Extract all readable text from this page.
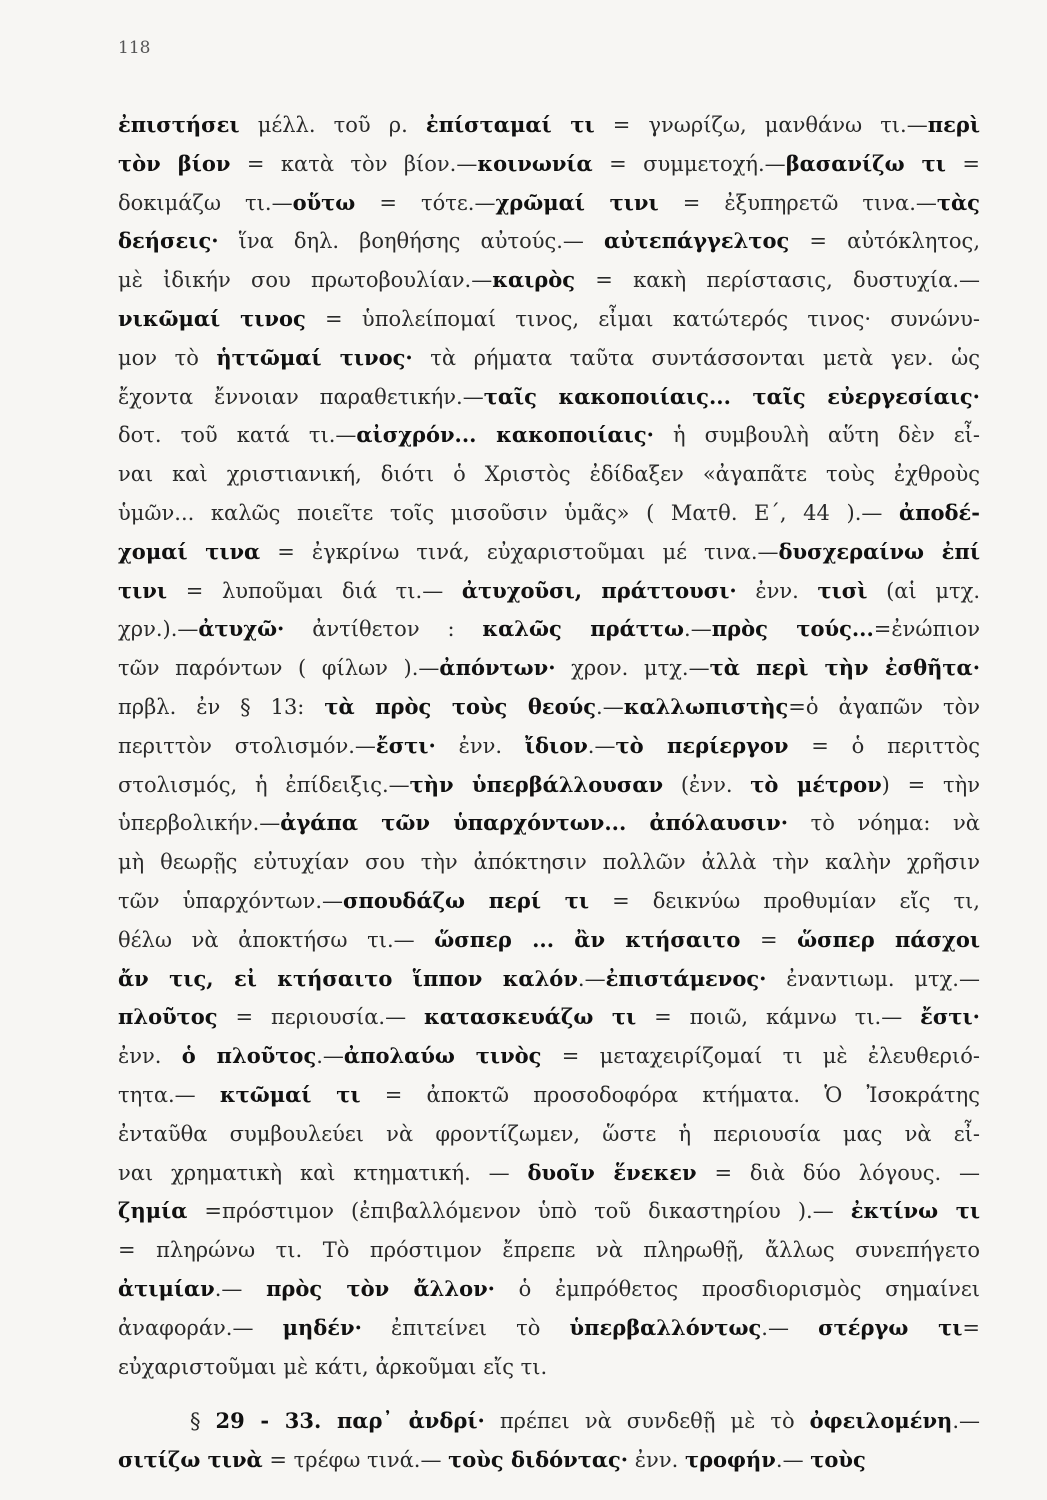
118
ἐπιστήσει μέλλ. τοῦ ρ. ἐπίσταμαί τι = γνωρίζω, μανθάνω τι.—περὶ
τὸν βίον = κατὰ τὸν βίον.—κοινωνία = συμμετοχή.—βασανίζω τι =
δοκιμάζω τι.—οὕτω = τότε.—χρῶμαί τινι = ἐξυπηρετῶ τινα.—τὰς
δεήσεις· ἵνα δηλ. βοηθήσης αὐτούς.— αὐτεπάγγελτος = αὐτόκλητος,
μὲ ἰδικήν σου πρωτοβουλίαν.—καιρὸς = κακὴ περίστασις, δυστυχία.—
νικῶμαί τινος = ὑπολείπομαί τινος, εἶμαι κατώτερός τινος· συνώνυ-
μον τὸ ἡττῶμαί τινος· τὰ ρήματα ταῦτα συντάσσονται μετὰ γεν. ὡς
ἔχοντα ἔννοιαν παραθετικήν.—ταῖς κακοποιίαις... ταῖς εὐεργεσίαις·
δοτ. τοῦ κατά τι.—αἰσχρόν... κακοποιίαις· ἡ συμβουλὴ αὕτη δὲν εἶ-
ναι καὶ χριστιανική, διότι ὁ Χριστὸς ἐδίδαξεν «ἀγαπᾶτε τοὺς ἐχθροὺς
ὑμῶν... καλῶς ποιεῖτε τοῖς μισοῦσιν ὑμᾶς» ( Ματθ. Ε΄, 44 ).— ἀποδέ-
χομαί τινα = ἐγκρίνω τινά, εὐχαριστοῦμαι μέ τινα.—δυσχεραίνω ἐπί
τινι = λυποῦμαι διά τι.— ἀτυχοῦσι, πράττουσι· ἐνν. τισὶ (αἱ μτχ.
χρν.).—ἀτυχῶ· ἀντίθετον : καλῶς πράττω.—πρὸς τούς...=ἐνώπιον
τῶν παρόντων ( φίλων ).—ἀπόντων· χρον. μτχ.—τὰ περὶ τὴν ἐσθῆτα·
πρβλ. ἐν § 13: τὰ πρὸς τοὺς θεούς.—καλλωπιστὴς=ὁ ἀγαπῶν τὸν
περιττὸν στολισμόν.—ἔστι· ἐνν. ἴδιον.—τὸ περίεργον = ὁ περιττὸς
στολισμός, ἡ ἐπίδειξις.—τὴν ὑπερβάλλουσαν (ἐνν. τὸ μέτρον) = τὴν
ὑπερβολικήν.—ἀγάπα τῶν ὑπαρχόντων... ἀπόλαυσιν· τὸ νόημα: νὰ
μὴ θεωρῇς εὐτυχίαν σου τὴν ἀπόκτησιν πολλῶν ἀλλὰ τὴν καλὴν χρῆσιν
τῶν ὑπαρχόντων.—σπουδάζω περί τι = δεικνύω προθυμίαν εἴς τι,
θέλω νὰ ἀποκτήσω τι.— ὥσπερ ... ἂν κτήσαιτο = ὥσπερ πάσχοι
ἄν τις, εἰ κτήσαιτο ἵππον καλόν.—ἐπιστάμενος· ἐναντιωμ. μτχ.—
πλοῦτος = περιουσία.— κατασκευάζω τι = ποιῶ, κάμνω τι.— ἔστι·
ἐνν. ὁ πλοῦτος.—ἀπολαύω τινὸς = μεταχειρίζομαί τι μὲ ἐλευθεριό-
τητα.— κτῶμαί τι = ἀποκτῶ προσοδοφόρα κτήματα. Ὁ Ἰσοκράτης
ἐνταῦθα συμβουλεύει νὰ φροντίζωμεν, ὥστε ἡ περιουσία μας νὰ εἶ-
ναι χρηματικὴ καὶ κτηματική. — δυοῖν ἕνεκεν = διὰ δύο λόγους. —
ζημία =πρόστιμον (ἐπιβαλλόμενον ὑπὸ τοῦ δικαστηρίου ).— ἐκτίνω τι
= πληρώνω τι. Τὸ πρόστιμον ἔπρεπε νὰ πληρωθῇ, ἄλλως συνεπήγετο
ἀτιμίαν.— πρὸς τὸν ἄλλον· ὁ ἐμπρόθετος προσδιορισμὸς σημαίνει
ἀναφοράν.— μηδέν· ἐπιτείνει τὸ ὑπερβαλλόντως.— στέργω τι=
εὐχαριστοῦμαι μὲ κάτι, ἀρκοῦμαι εἴς τι.
§ 29 - 33. παρ᾽ ἀνδρί· πρέπει νὰ συνδεθῇ μὲ τὸ ὀφειλομένη.—
σιτίζω τινὰ = τρέφω τινά.— τοὺς διδόντας· ἐνν. τροφήν.— τοὺς
